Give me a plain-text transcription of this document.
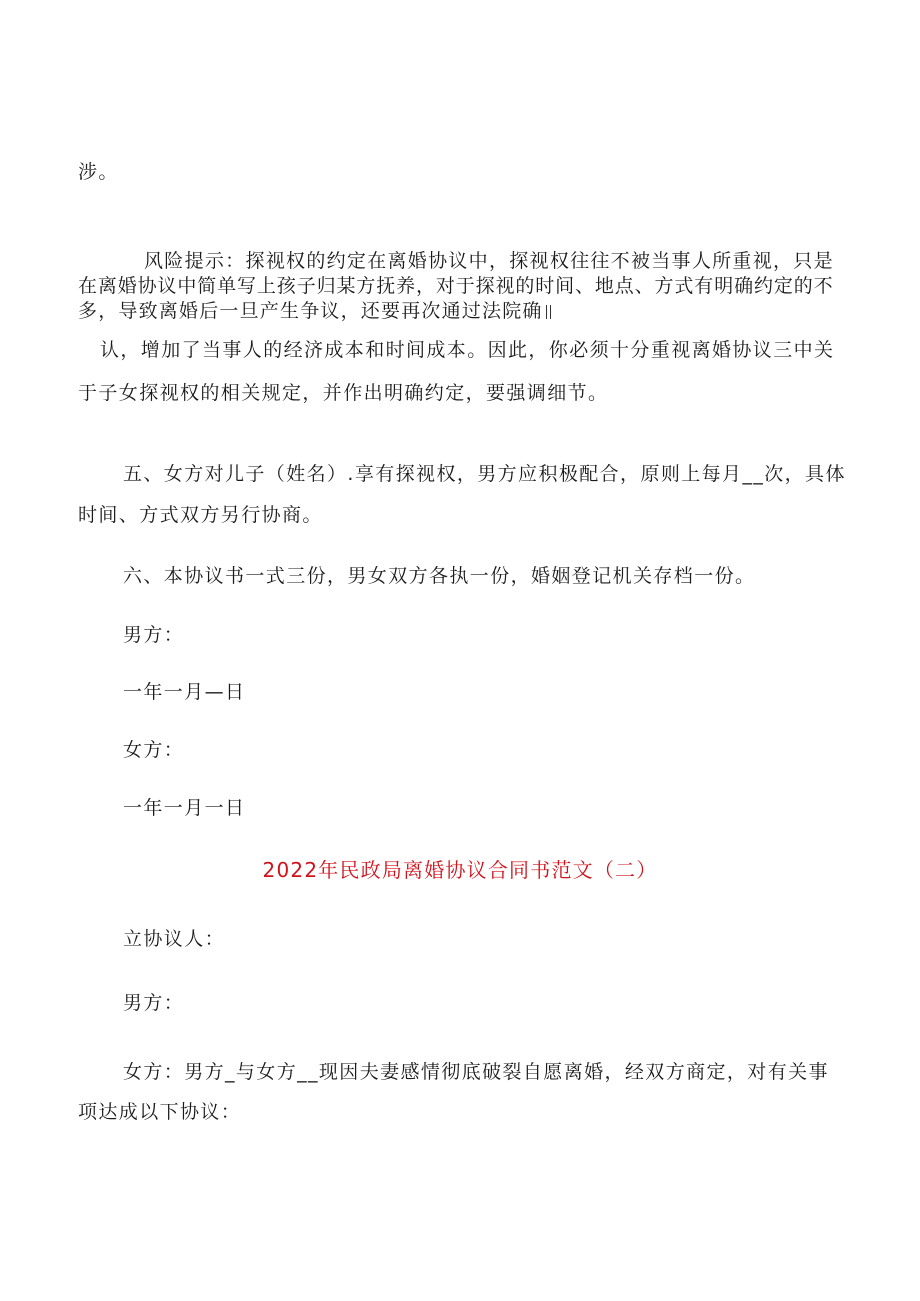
涉。
风险提示：探视权的约定在离婚协议中，探视权往往不被当事人所重视，只是
在离婚协议中简单写上孩子归某方抚养，对于探视的时间、地点、方式有明确约定的不
多，导致离婚后一旦产生争议，还要再次通过法院确
认，增加了当事人的经济成本和时间成本。因此，你必须十分重视离婚协议三中关
于子女探视权的相关规定，并作出明确约定，要强调细节。
五、女方对儿子（姓名）.享有探视权，男方应积极配合，原则上每月__次，具体
时间、方式双方另行协商。
六、本协议书一式三份，男女双方各执一份，婚姻登记机关存档一份。
男方：
一年一月—日
女方：
一年一月一日
2022年民政局离婚协议合同书范文（二）
立协议人：
男方：
女方：男方_与女方__现因夫妻感情彻底破裂自愿离婚，经双方商定，对有关事
项达成以下协议：
